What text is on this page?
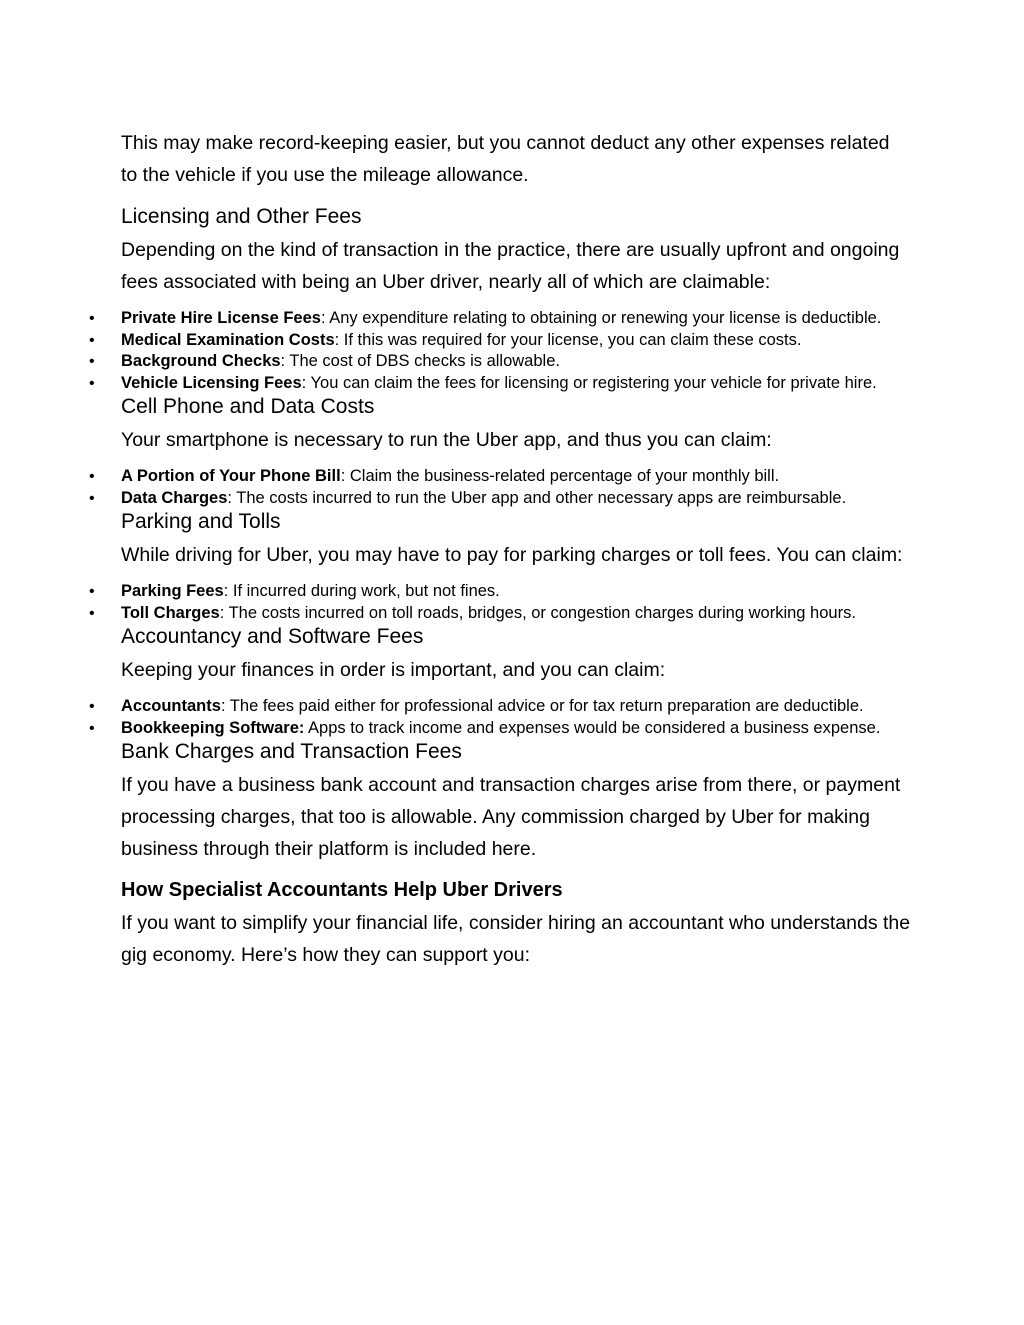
This may make record-keeping easier, but you cannot deduct any other expenses related to the vehicle if you use the mileage allowance.

Licensing and Other Fees

Depending on the kind of transaction in the practice, there are usually upfront and ongoing fees associated with being an Uber driver, nearly all of which are claimable:

• Private Hire License Fees: Any expenditure relating to obtaining or renewing your license is deductible.
• Medical Examination Costs: If this was required for your license, you can claim these costs.
• Background Checks: The cost of DBS checks is allowable.
• Vehicle Licensing Fees: You can claim the fees for licensing or registering your vehicle for private hire.
Cell Phone and Data Costs

Your smartphone is necessary to run the Uber app, and thus you can claim:

• A Portion of Your Phone Bill: Claim the business-related percentage of your monthly bill.
• Data Charges: The costs incurred to run the Uber app and other necessary apps are reimbursable.
Parking and Tolls

While driving for Uber, you may have to pay for parking charges or toll fees. You can claim:

• Parking Fees: If incurred during work, but not fines.
• Toll Charges: The costs incurred on toll roads, bridges, or congestion charges during working hours.
Accountancy and Software Fees

Keeping your finances in order is important, and you can claim:

• Accountants: The fees paid either for professional advice or for tax return preparation are deductible.
• Bookkeeping Software: Apps to track income and expenses would be considered a business expense.
Bank Charges and Transaction Fees

If you have a business bank account and transaction charges arise from there, or payment processing charges, that too is allowable. Any commission charged by Uber for making business through their platform is included here.

How Specialist Accountants Help Uber Drivers

If you want to simplify your financial life, consider hiring an accountant who understands the gig economy. Here’s how they can support you:
